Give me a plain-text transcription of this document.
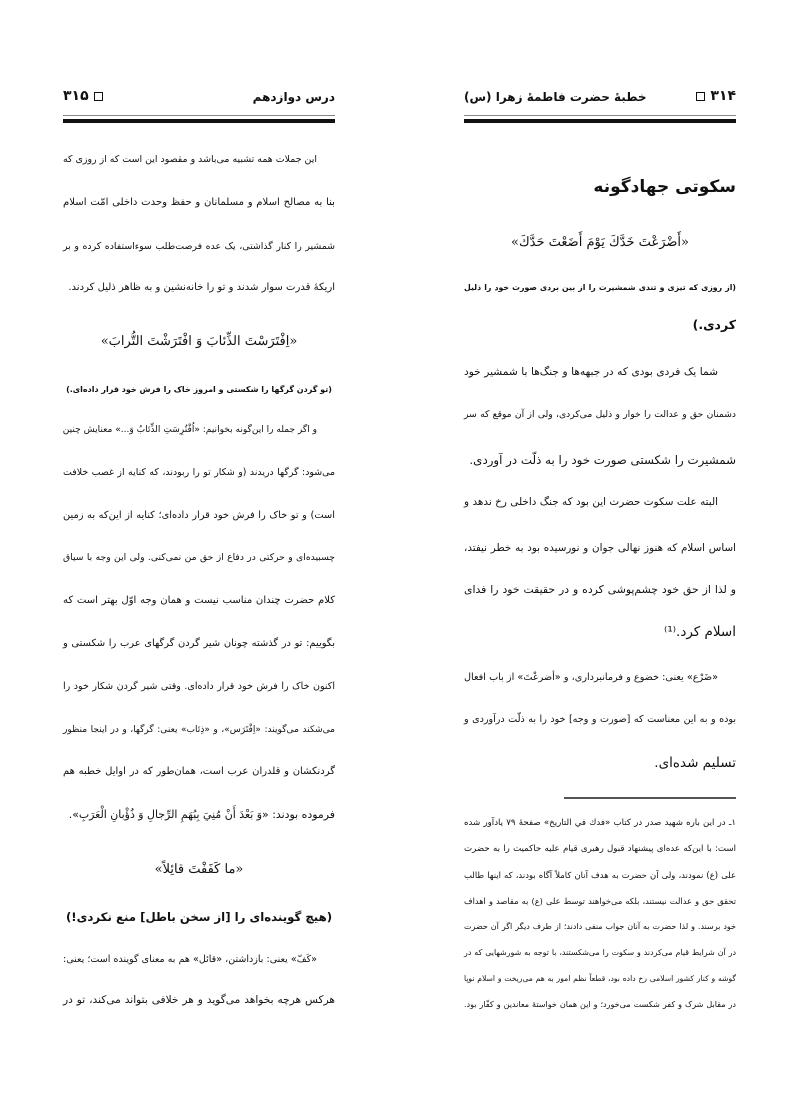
درس دوازدهم
۳۱۵
این جملات همه تشبیه می‌باشد و مقصود این است که از روزی که
بنا به مصالح اسلام و مسلمانان و حفظ وحدت داخلی امّت اسلام
شمشیر را کنار گذاشتی، یک عده فرصت‌طلب سوءاستفاده کرده و بر
اریکهٔ قدرت سوار شدند و تو را خانه‌نشین و به ظاهر ذلیل کردند.
«اِفْتَرَسْتَ الذِّئابَ وَ افْتَرَشْتَ التُّرابَ»
(تو گردن گرگها را شکستی و امروز خاک را فرش خود قرار داده‌ای.)
و اگر جمله را این‌گونه بخوانیم: «اُفْتُرِسَتِ الذِّئابُ وَ...» معنایش چنین
می‌شود: گرگها دریدند (و شکار تو را ربودند، که کنایه از غصب خلافت
است) و تو خاک را فرش خود قرار داده‌ای؛ کنایه از این‌که به زمین
چسبیده‌ای و حرکتی در دفاع از حق من نمی‌کنی. ولی این وجه با سیاق
کلام حضرت چندان مناسب نیست و همان وجه اوّل بهتر است که
بگوییم: تو در گذشته چونان شیر گردن گرگهای عرب را شکستی و
اکنون خاک را فرش خود قرار داده‌ای. وقتی شیر گردن شکار خود را
می‌شکند می‌گویند: «اِفْتَرَس»، و «ذِئاب» یعنی: گرگها، و در اینجا منظور
گردنکشان و قلدران عرب است، همان‌طور که در اوایل خطبه هم
فرموده بودند: «وَ بَعْدَ أَنْ مُنِيَ بِبُهَمِ الرِّجالِ وَ ذُؤْبانِ الْعَرَبِ».
«ما كَفَفْتَ قائِلاً»
(هیچ گوینده‌ای را [از سخن باطل] منع نکردی!)
«کَفّ» یعنی: بازداشتن، «قائل» هم به معنای گوینده است؛ یعنی:
هرکس هرچه بخواهد می‌گوید و هر خلافی بتواند می‌کند، تو در
۳۱۴
خطبهٔ حضرت فاطمهٔ زهرا (س)
سکوتی جهادگونه
«أَضْرَعْتَ خَدَّكَ يَوْمَ أَضَعْتَ حَدَّكَ»
(از روزی که تیزی و تندی شمشیرت را از بین بردی صورت خود را ذلیل
کردی.)
شما یک فردی بودی که در جبهه‌ها و جنگ‌ها با شمشیر خود
دشمنان حق و عدالت را خوار و ذلیل می‌کردی، ولی از آن موقع که سر
شمشیرت را شکستی صورت خود را به ذلّت در آوردی.
البته علت سکوت حضرت این بود که جنگ داخلی رخ ندهد و
اساس اسلام که هنوز نهالی جوان و نورسیده بود به خطر نیفتد،
و لذا از حق خود چشم‌پوشی کرده و در حقیقت خود را فدای
اسلام کرد.⁽¹⁾
«ضَرْع» یعنی: خضوع و فرمانبرداری، و «أضرعْتَ» از باب افعال
بوده و به این معناست که [صورت و وجه] خود را به ذلّت درآوردی و
تسلیم شده‌ای.
۱ـ در این باره شهید صدر در کتاب «فدك في التاريخ» صفحهٔ ۷۹ یادآور شده
است: با این‌که عده‌ای پیشنهاد قبول رهبری قیام علیه حاکمیت را به حضرت
علی (ع) نمودند، ولی آن حضرت به هدف آنان کاملاً آگاه بودند، که اینها طالب
تحقق حق و عدالت نیستند، بلکه می‌خواهند توسط علی (ع) به مقاصد و اهداف
خود برسند. و لذا حضرت به آنان جواب منفی دادند؛ از طرف دیگر اگر آن حضرت
در آن شرایط قیام می‌کردند و سکوت را می‌شکستند، با توجه به شورشهایی که در
گوشه و کنار کشور اسلامی رخ داده بود، قطعاً نظم امور به هم می‌ریخت و اسلام نوپا
در مقابل شرک و کفر شکست می‌خورد؛ و این همان خواستهٔ معاندین و کفّار بود.
